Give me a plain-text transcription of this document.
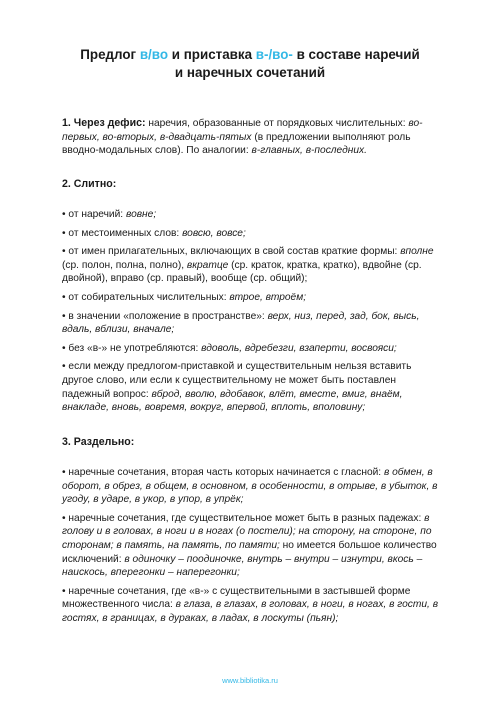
Предлог в/во и приставка в-/во- в составе наречий
и наречных сочетаний

1. Через дефис: наречия, образованные от порядковых числительных: во-первых, во-вторых, в-двадцать-пятых (в предложении выполняют роль вводно-модальных слов). По аналогии: в-главных, в-последних.

2. Слитно:

• от наречий: вовне;

• от местоименных слов: вовсю, вовсе;

• от имен прилагательных, включающих в свой состав краткие формы: вполне (ср. полон, полна, полно), вкратце (ср. краток, кратка, кратко), вдвойне (ср. двойной), вправо (ср. правый), вообще (ср. общий);

• от собирательных числительных: втрое, втроём;

• в значении «положение в пространстве»: верх, низ, перед, зад, бок, высь, вдаль, вблизи, вначале;

• без «в-» не употребляются: вдоволь, вдребезги, взаперти, восвояси;

• если между предлогом-приставкой и существительным нельзя вставить другое слово, или если к существительному не может быть поставлен падежный вопрос: вброд, вволю, вдобавок, влёт, вместе, вмиг, внаём, внакладе, вновь, вовремя, вокруг, впервой, вплоть, вполовину;

3. Раздельно:

• наречные сочетания, вторая часть которых начинается с гласной: в обмен, в оборот, в обрез, в общем, в основном, в особенности, в отрыве, в убыток, в угоду, в ударе, в укор, в упор, в упрёк;

• наречные сочетания, где существительное может быть в разных падежах: в голову и в головах, в ноги и в ногах (о постели); на сторону, на стороне, по сторонам; в память, на память, по памяти; но имеется большое количество исключений: в одиночку – поодиночке, внутрь – внутри – изнутри, вкось – наискось, вперегонки – наперегонки;

• наречные сочетания, где «в-» с существительными в застывшей форме множественного числа: в глаза, в глазах, в головах, в ноги, в ногах, в гости, в гостях, в границах, в дураках, в ладах, в лоскуты (пьян);

www.bibliotika.ru
